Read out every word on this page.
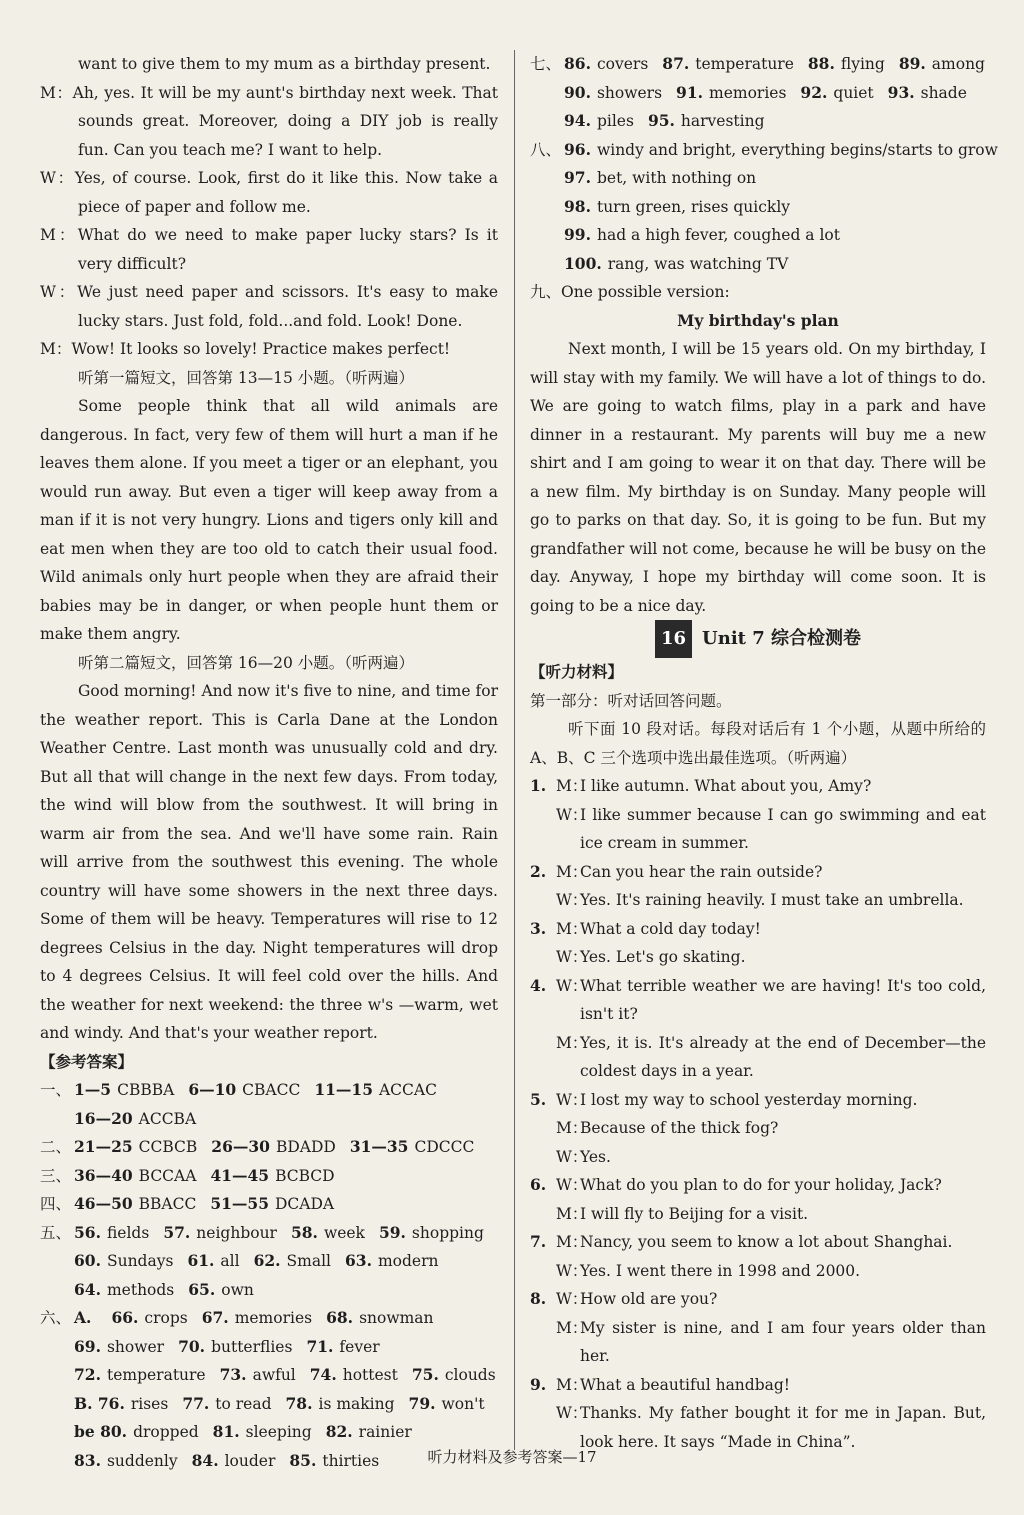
want to give them to my mum as a birthday present.

M：Ah, yes. It will be my aunt's birthday next week. That sounds great. Moreover, doing a DIY job is really fun. Can you teach me? I want to help.

W：Yes, of course. Look, first do it like this. Now take a piece of paper and follow me.

M：What do we need to make paper lucky stars? Is it very difficult?

W：We just need paper and scissors. It's easy to make lucky stars. Just fold, fold...and fold. Look! Done.

M：Wow! It looks so lovely! Practice makes perfect!

听第一篇短文，回答第 13—15 小题。（听两遍）

Some people think that all wild animals are dangerous. In fact, very few of them will hurt a man if he leaves them alone. If you meet a tiger or an elephant, you would run away. But even a tiger will keep away from a man if it is not very hungry. Lions and tigers only kill and eat men when they are too old to catch their usual food. Wild animals only hurt people when they are afraid their babies may be in danger, or when people hunt them or make them angry.

听第二篇短文，回答第 16—20 小题。（听两遍）

Good morning! And now it's five to nine, and time for the weather report. This is Carla Dane at the London Weather Centre. Last month was unusually cold and dry. But all that will change in the next few days. From today, the wind will blow from the southwest. It will bring in warm air from the sea. And we'll have some rain. Rain will arrive from the southwest this evening. The whole country will have some showers in the next three days. Some of them will be heavy. Temperatures will rise to 12 degrees Celsius in the day. Night temperatures will drop to 4 degrees Celsius. It will feel cold over the hills. And the weather for next weekend: the three w's —warm, wet and windy. And that's your weather report.

【参考答案】

一、 1—5 CBBBA 6—10 CBACC 11—15 ACCAC
16—20 ACCBA
二、 21—25 CCBCB 26—30 BDADD 31—35 CDCCC
三、 36—40 BCCAA 41—45 BCBCD
四、 46—50 BBACC 51—55 DCADA
五、 56. fields 57. neighbour 58. week 59. shopping
60. Sundays 61. all 62. Small 63. modern
64. methods 65. own
六、 A. 66. crops 67. memories 68. snowman
69. shower 70. butterflies 71. fever
72. temperature 73. awful 74. hottest 75. clouds
B. 76. rises 77. to read 78. is making 79. won't
be 80. dropped 81. sleeping 82. rainier
83. suddenly 84. louder 85. thirties
七、 86. covers 87. temperature 88. flying 89. among
90. showers 91. memories 92. quiet 93. shade
94. piles 95. harvesting
八、 96. windy and bright, everything begins/starts to grow
97. bet, with nothing on
98. turn green, rises quickly
99. had a high fever, coughed a lot
100. rang, was watching TV

九、One possible version:

My birthday's plan

Next month, I will be 15 years old. On my birthday, I will stay with my family. We will have a lot of things to do. We are going to watch films, play in a park and have dinner in a restaurant. My parents will buy me a new shirt and I am going to wear it on that day. There will be a new film. My birthday is on Sunday. Many people will go to parks on that day. So, it is going to be fun. But my grandfather will not come, because he will be busy on the day. Anyway, I hope my birthday will come soon. It is going to be a nice day.

16 Unit 7 综合检测卷

【听力材料】

第一部分：听对话回答问题。

听下面 10 段对话。每段对话后有 1 个小题，从题中所给的 A、B、C 三个选项中选出最佳选项。（听两遍）

1. M：
I like autumn. What about you, Amy?
W：
I like summer because I can go swimming and eat ice cream in summer.
2. M：
Can you hear the rain outside?
W：
Yes. It's raining heavily. I must take an umbrella.
3. M：
What a cold day today!
W：
Yes. Let's go skating.
4. W：
What terrible weather we are having! It's too cold, isn't it?
M：
Yes, it is. It's already at the end of December—the coldest days in a year.
5. W：
I lost my way to school yesterday morning.
M：
Because of the thick fog?
W：
Yes.
6. W：
What do you plan to do for your holiday, Jack?
M：
I will fly to Beijing for a visit.
7. M：
Nancy, you seem to know a lot about Shanghai.
W：
Yes. I went there in 1998 and 2000.
8. W：
How old are you?
M：
My sister is nine, and I am four years older than her.
9. M：
What a beautiful handbag!
W：
Thanks. My father bought it for me in Japan. But, look here. It says “Made in China”.
听力材料及参考答案—17
